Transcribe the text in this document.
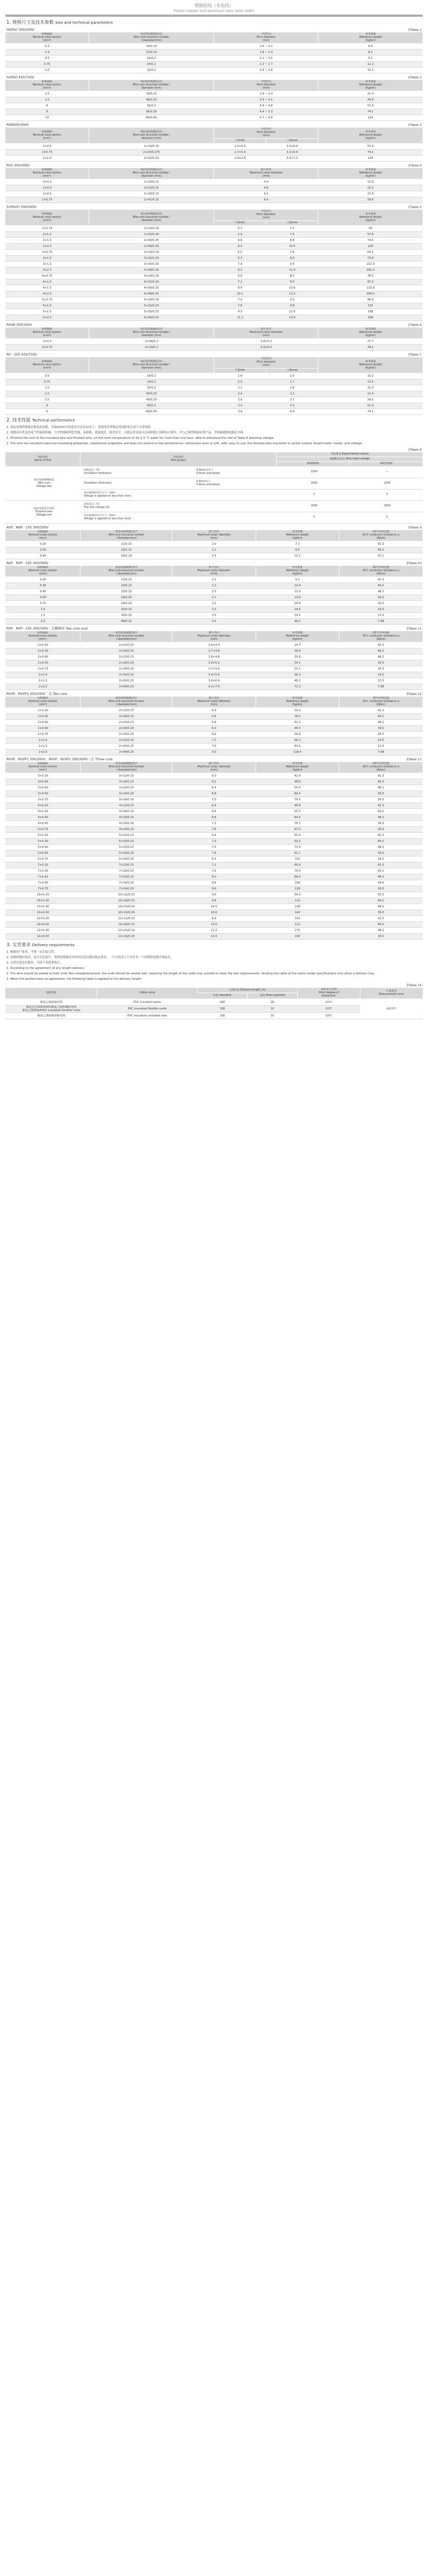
塑铜铝线（布电线）
Plastic copper and aluminum wire (wire cloth)
1. 规格尺寸及技术参数 Size and technical parameters
06(RV) 300/500V	表Table 1
标称截面
Nominal cross section
(mm²)	线芯结构根数/直径
Wire core structure number
/ diameter(mm)	平均外径
Pitch diameter
(mm)	参考重量
Reference weight
(kg/km)
0.3	16/0.15	1.6 ~ 2.2	6.4
0.4	23/0.15	1.8 ~ 2.4	8.1
0.5	16/0.2	2.1 ~ 2.5	9.1
0.75	24/0.2	2.2 ~ 2.7	12.2
1.0	32/0.2	2.4 ~ 2.8	15.1
02(RV) 450/750V	表Table 2
标称截面
Nominal cross section
(mm²)	线芯结构根数/直径
Wire core structure number /
diameter (mm)	平均外径
Pitch diameter
(mm)	参考重量
Reference weight
(kg/km)
1.5	30/0.25	2.8 ~ 3.4	21.4
2.5	49/0.25	3.4 ~ 4.1	34.8
4	56/0.3	3.9 ~ 4.8	51.9
6	84/0.30	4.4 ~ 5.3	74.1
10	84/0.40	5.7 ~ 6.8	124
RVB300/300V	表Table 3
标称截面
Nominal cross section
(mm²)	线芯结构根数/直径
Wire core structure number /
diameter (mm)	平均外径
Pitch diameter
(mm)		参考重量
Reference weight
(kg/km)
		下限min	上限max	
2×0.5	2×16/0.15	2.5×5.0	3.0×6.0	51.8
2×0.75	2×24/0.175	2.7×5.4	3.2×6.4	74.1
2×1.0	2×32/0.20	2.9×5.8	3.6×7.2	124
RVS 300/300V	表Table 4
标称截面
Nominal cross section
(mm²)	线芯结构根数/直径
Wire core structure number /
diameter (mm)	最大外径
Maximum outer diameter
(mm)	参考重量
Reference weight
(kg/km)
2×0.3	2×16/0.15	4.4	12.8
2×0.4	2×23/0.15	4.8	16.2
2×0.5	2×28/0.15	6.0	22.9
2×0.75	2×42/0.15	6.4	29.8
53(RVV) 300/500V	表Table 5
标称截面
Nominal cross section
(mm²)	线芯结构根数/直径
Wire core structure number /
diameter (mm)	平均外径
Pitch diameter
(mm)		参考重量
Reference weight
(kg/km)
		下限min	上限max	
2×0.75	2×24/0.20	5.7	7.3	50
2×1.0	2×32/0.20	5.9	7.5	57.8
2×1.5	2×30/0.25	6.8	8.6	74.5
2×2.5	2×49/0.25	8.4	10.6	120
3×0.75	3×24/0.20	6.0	7.6	63.1
3×1.0	3×32/0.20	6.3	8.0	73.8
3×1.5	3×30/0.25	7.4	9.4	102.0
3×2.5	3×49/0.25	9.2	11.4	162.0
4×0.75	4×24/0.20	6.6	8.3	78.5
4×1.0	4×32/0.20	7.1	9.0	97.2
4×1.5	4×30/0.25	8.4	10.6	133.0
4×2.5	4×49/0.25	10.1	12.5	204.0
5×0.75	5×24/0.20	7.4	9.3	96.9
5×1.0	5×32/0.20	7.8	9.8	115
5×1.5	5×30/0.25	9.3	11.6	168
5×2.5	5×49/0.25	11.2	13.9	248
RVVB 300/300V	表Table 6
标称截面
Nominal cross section
(mm²)	线芯结构根数/直径
Wire core structure number /
diameter (mm)	最大外径
Maximum outer diameter
(mm)	参考重量
Reference weight
(kg/km)
2×0.5	2×16/0.2	3.8×5.2	27.7
2×0.75	2×24/0.2	3.9×6.4	34.1
RV－105 450/750V	表Table 7
标称截面
Nominal cross section
(mm²)	线芯结构根数/直径
Wire core structure number /
diameter (mm)	平均外径
Pitch diameter
(mm)		参考重量
Reference weight
(kg/km)
		下限min	上限max	
0.5	16/0.2	1.8	2.5	10.2
0.75	24/0.2	2.0	2.7	13.5
1.0	32/0.2	2.1	2.8	15.4
1.5	30/0.25	2.4	3.1	21.4
2.5	49/0.25	2.9	3.7	34.5
4	56/0.3	3.4	4.3	51.9
6	84/0.30	3.9	4.9	74.1
2. 技术性能 Technical performance

1. 成品电线的绝缘芯和成品电缆，室温20±5℃的清水中浸水1h以上，电线受表列规定的试验电压而不击穿试验。

2. 电线具有优良的电气性能和机械，力学性能和理化性能、易剥离、柔软度好、使用安全、方便运用安装可以同时配合各种场合使用，并与乙烯塑料如同类产品，坚韧耐磨损的铜芯导体。

1. Finished the core of the insulated wire and finished wire, on the room temperature of 20 ± 5 ℃ water for more than one hour, able to withstand the test of Table 8 breaking voltage.

2. The wire has excellent electrical insulating properties, mechanical properties and does not extend to fuel performance, continuous eyes of soft, safe, easy to use, the finished wire insulation or jacket surface should make, model, and voltage.。

表Table 8
试验项目
Name of Test	试验项目
Pilot project		试验要求 Experimental values	
			电缆额定电压 Wire rated voltage	
			300/500V	450/750V
成品电线绝缘线芯
Wire core
Voltage test	试验电压（V）
(Insulation thickness)	0.6mm及以下
0.6mm and below	1500	—
	(Insulation thickness)	0.6mm以上
0.6mm and above	2000	2500
	电压施加时间不小于（min）
Voltage is applied no less than (min)		5	5
成品电线电压试验
Finished wire
Voltage test	试验电压（V）
The test voltage (V)		2000	2500
	电压施加时间不小于（min）
Voltage is applied no less than (min)		5	5
AVP、AVR－105 300/300V	表Table 9
标称截面
Nominal cross section
(mm²)	线芯结构根数/直径
Wire core structure number
/ diameter(mm)	最大外径
Maximum outer diameter
(mm)	参考重量
Reference weight
(kg/km)	20℃导体电阻
20℃ conductor resistance ≤
(Ω/km)
0.20	12/0.15	2.0	7.3	92.3
0.30	16/0.15	2.2	8.5	69.2
0.40	16/0.18	2.4	10.1	47.1
RVP、RVP－105 300/300V	表Table 10
标称截面
Nominal cross section
(mm²)	线芯结构根数/直径
Wire core structure number
/ diameter(mm)	最大外径
Maximum outer diameter
(mm)	参考重量
Reference weight
(kg/km)	20℃导体电阻
20℃ conductor resistance ≤
(Ω/km)
0.20	12/0.15	2.2	9.2	92.3
0.30	16/0.15	2.3	10.4	69.2
0.40	23/0.15	2.5	12.0	48.2
0.50	16/0.20	2.7	13.6	39.0
0.75	24/0.20	3.1	20.9	26.0
1.0	32/0.20	3.3	24.6	19.5
1.5	30/0.25	3.5	33.5	13.3
2.5	49/0.25	4.5	48.2	7.98
RVP、RVP－105 300/300V二芯椭圆形 Two core oval	表Table 11
标称截面
Nominal cross section
(mm²)	线芯结构根数/直径
Wire core structure number
/ diameter(mm)	最大外径
Maximum outer diameter
(mm)	参考重量
Reference weight
(kg/km)	20℃导体电阻
20℃ conductor resistance ≤
(Ω/km)
2×0.20	2×12/0.15	2.6×4.4	14.7	92.3
2×0.30	2×16/0.15	2.7×4.6	16.9	69.2
2×0.40	2×23/0.15	2.8×4.8	20.6	48.2
2×0.50	2×16/0.20	3.0×5.2	24.2	39.0
2×0.75	2×24/0.20	3.2×5.6	31.1	26.0
2×1.0	2×32/0.20	3.4×5.8	38.3	19.5
2×1.5	2×30/0.25	3.6×6.4	48.2	13.3
2×2.5	2×49/0.25	4.2×7.6	72.3	7.98
RVVP、RVVP1 300/300V二芯 Two core	表Table 12
标称截面
Nominal cross section
(mm²)	线芯结构根数/直径
Wire core structure number
/ diameter(mm)	最大外径
Maximum outer diameter
(mm)	参考重量
Reference weight
(kg/km)	20℃导体电阻
20℃ conductor resistance ≤
(Ω/km)
2×0.20	2×12/0.15	5.4	33.0	92.3
2×0.30	2×16/0.15	5.6	36.5	69.2
2×0.40	2×23/0.15	5.8	42.3	48.2
2×0.50	2×16/0.20	6.0	46.5	39.0
2×0.75	2×24/0.20	6.6	56.6	26.0
2×1.0	2×32/0.20	7.0	66.3	19.5
2×1.5	2×30/0.25	7.6	83.5	13.3
2×2.5	2×49/0.25	9.0	118.4	7.98
RVVP、RVVP1 300/300V、RVVP、RVVP1 300/300V三芯 Three core	表Table 13
标称截面
Nominal cross section
(mm²)	线芯结构根数/直径
Wire core structure number
/ diameter(mm)	最大外径
Maximum outer diameter
(mm)	参考重量
Reference weight
(kg/km)	20℃导体电阻
20℃ conductor resistance ≤
(Ω/km)
3×0.20	3×12/0.15	6.0	42.4	92.3
3×0.30	3×16/0.15	6.2	48.6	69.2
3×0.40	3×23/0.15	6.4	55.4	48.2
3×0.50	3×16/0.20	6.6	60.4	39.0
3×0.75	3×24/0.20	7.0	74.5	26.0
4×0.20	4×12/0.15	6.4	48.8	92.3
4×0.30	4×16/0.15	6.6	55.3	69.2
4×0.40	4×23/0.15	6.8	64.0	48.2
4×0.50	4×16/0.20	7.2	70.7	39.0
4×0.75	4×24/0.20	7.8	87.0	26.0
5×0.20	5×12/0.15	6.8	55.4	92.3
5×0.30	5×16/0.15	7.0	63.2	69.2
5×0.40	5×23/0.15	7.4	73.4	48.2
5×0.50	5×16/0.20	7.8	82.1	39.0
5×0.75	5×24/0.20	8.4	102	26.0
7×0.20	7×12/0.15	7.2	66.4	92.3
7×0.30	7×16/0.15	7.6	76.6	69.2
7×0.40	7×23/0.15	8.0	89.4	48.2
7×0.50	7×16/0.20	8.6	100	39.0
7×0.75	7×24/0.20	9.6	129	26.0
10×0.20	10×12/0.15	9.0	94.3	92.3
10×0.30	10×16/0.15	9.6	110	69.2
10×0.40	10×23/0.15	10.0	128	48.2
10×0.50	10×16/0.20	10.6	142	39.0
12×0.20	12×12/0.15	9.4	103	92.3
12×0.30	12×16/0.15	10.0	122	69.2
12×0.40	12×23/0.15	11.5	175	48.2
12×0.50	12×16/0.20	12.0	194	39.0
3. 交货要求 Delivery requirements

1. 根据用户要求，可按一定长度交货。

2. 电线两端应密封，而且在包装中，重绕电缆保持其外径长度以满足规定要求，一只交货盘上只允许有一个同规格电线中间接头。

3. 交货长度允许偏差，可按下表要求执行。

1. According to the agreement of any length delivery.

2. The wire should be sealed at both ends.Two completed phase, the ends should be sealed well, exposing the length of the cable tray outside to meet the test requirements, winding the cable of the same model specifications only allow a delivery tray.

3. When the parties have no agreement, the following table is applied to the delivery length.

表Table 14
电缆名称	Cable name	交货长度 Delivery length (m)		短段所占比例
Short degree of
proportion	计量误差
Measurement error
		标准 Standard	短段 Short segment		
聚氯乙烯绝缘电线	PVC insulated wires	100	20	10℃	±0.5℃
额定电压300/500V聚氯乙烯绝缘软电线
聚氯乙烯300/500V insulated flexible cords	PVC insulated flexible cords	100	10	10℃	
聚氯乙烯绝缘屏蔽电线	PVC insulation shielded wire	100	10	10℃	
